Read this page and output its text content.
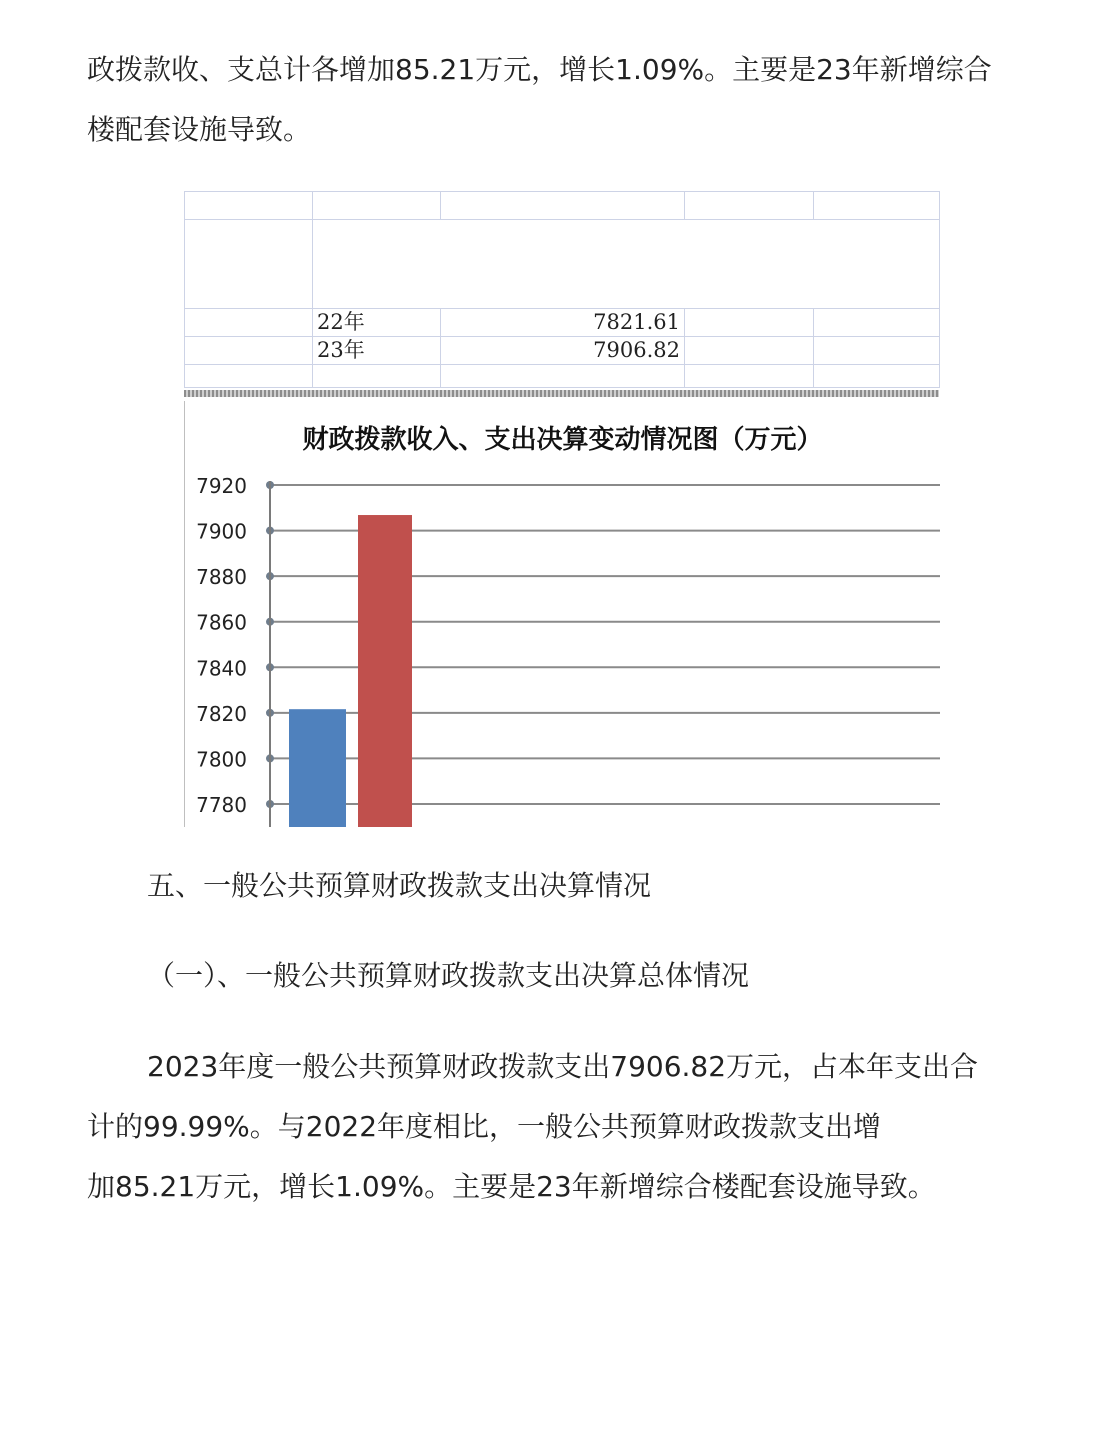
政拨款收、支总计各增加85.21万元，增长1.09%。主要是23年新增综合
楼配套设施导致。

	22年	7821.61		
	23年	7906.82		

财政拨款收入、支出决算变动情况图（万元）
7920
7900
7880
7860
7840
7820
7800
7780
五、一般公共预算财政拨款支出决算情况
（一）、一般公共预算财政拨款支出决算总体情况

2023年度一般公共预算财政拨款支出7906.82万元，占本年支出合
计的99.99%。与2022年度相比，一般公共预算财政拨款支出增
加85.21万元，增长1.09%。主要是23年新增综合楼配套设施导致。
